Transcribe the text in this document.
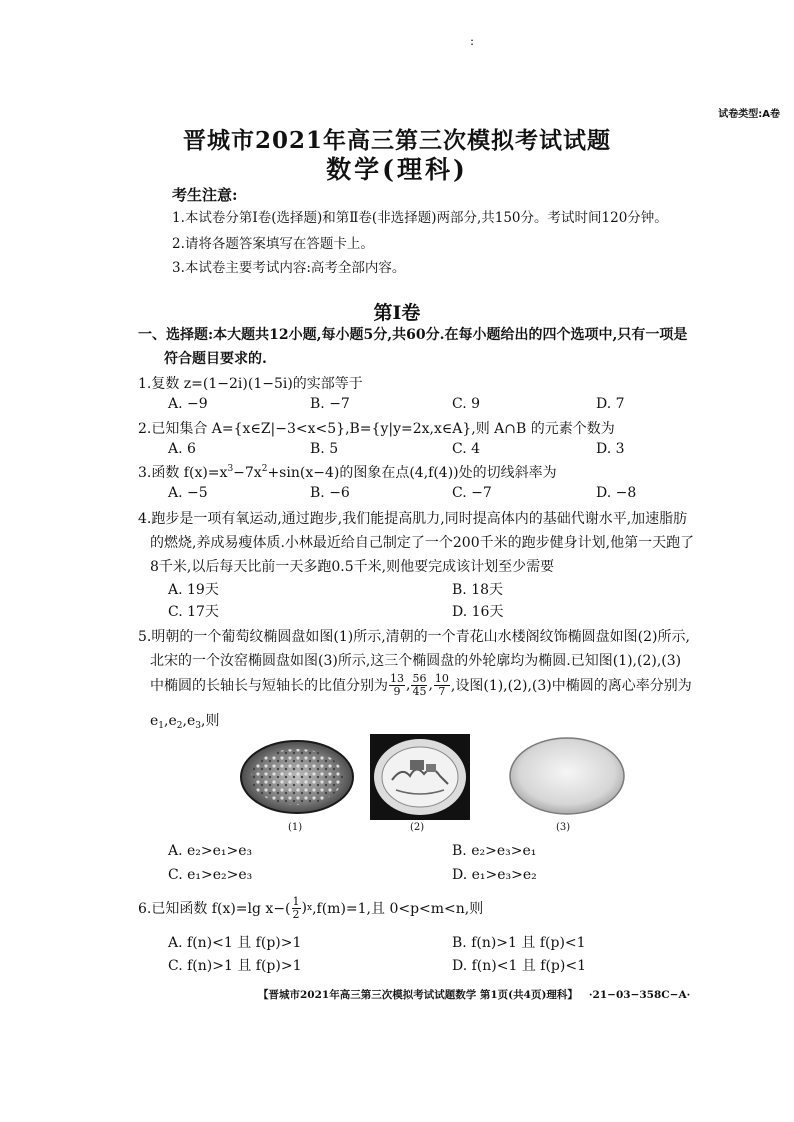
:
试卷类型:A卷
晋城市2021年高三第三次模拟考试试题
数学(理科)
考生注意:
1.本试卷分第Ⅰ卷(选择题)和第Ⅱ卷(非选择题)两部分,共150分。考试时间120分钟。
2.请将各题答案填写在答题卡上。
3.本试卷主要考试内容:高考全部内容。
第Ⅰ卷
一、选择题:本大题共12小题,每小题5分,共60分.在每小题给出的四个选项中,只有一项是
符合题目要求的.
1.复数 z=(1−2i)(1−5i)的实部等于
A. −9	B. −7	C. 9	D. 7
2.已知集合 A={x∈Z|−3<x<5},B={y|y=2x,x∈A},则 A∩B 的元素个数为
A. 6	B. 5	C. 4	D. 3
3.函数 $f(x)=x^3-7x^2+\sin(x-4)$的图象在点(4,f(4))处的切线斜率为
A. −5	B. −6	C. −7	D. −8
4.跑步是一项有氧运动,通过跑步,我们能提高肌力,同时提高体内的基础代谢水平,加速脂肪
的燃烧,养成易瘦体质.小林最近给自己制定了一个200千米的跑步健身计划,他第一天跑了
8千米,以后每天比前一天多跑0.5千米,则他要完成该计划至少需要
A. 19天	B. 18天
C. 17天	D. 16天
5.明朝的一个葡萄纹椭圆盘如图(1)所示,清朝的一个青花山水楼阁纹饰椭圆盘如图(2)所示,
北宋的一个汝窑椭圆盘如图(3)所示,这三个椭圆盘的外轮廓均为椭圆.已知图(1),(2),(3)
中椭圆的长轴长与短轴长的比值分别为 $\frac{13}{9}$ , $\frac{56}{45}$ , $\frac{10}{7}$ ,设图(1),(2),(3)中椭圆的离心率分别为
$e_1,e_2,e_3$,则
(1)	(2)	(3)
A. e₂>e₁>e₃	B. e₂>e₃>e₁
C. e₁>e₂>e₃	D. e₁>e₃>e₂
6.已知函数 f(x)=lg $x-( \frac{1}{2}$ ) x ,f(m)=1,且 0<p<m<n,则
A. f(n)<1 且 f(p)>1	B. f(n)>1 且 f(p)<1
C. f(n)>1 且 f(p)>1	D. f(n)<1 且 f(p)<1
【晋城市2021年高三第三次模拟考试试题数学 第1页(共4页)理科】 ·21−03−358C−A·
